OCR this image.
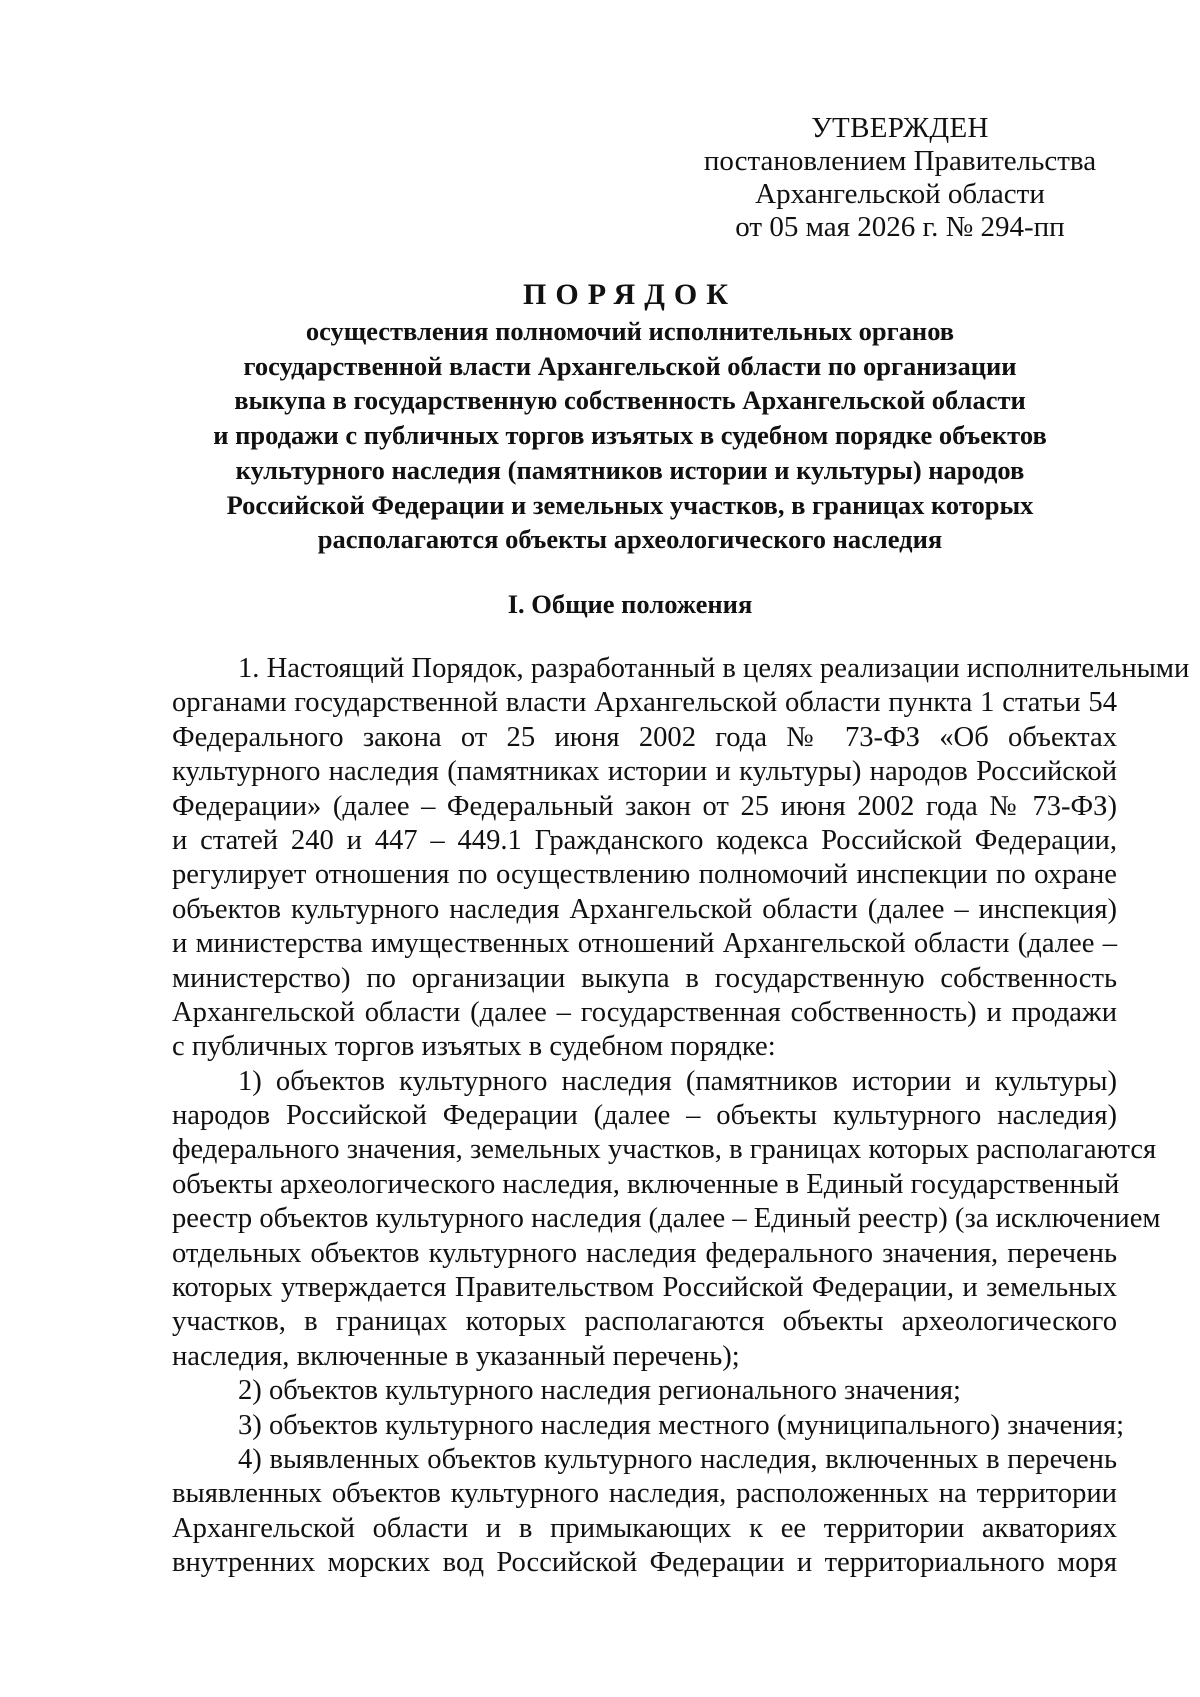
УТВЕРЖДЕН
постановлением Правительства
Архангельской области
от 05 мая 2026 г. № 294-пп
ПОРЯДОК
осуществления полномочий исполнительных органов
государственной власти Архангельской области по организации
выкупа в государственную собственность Архангельской области
и продажи с публичных торгов изъятых в судебном порядке объектов
культурного наследия (памятников истории и культуры) народов
Российской Федерации и земельных участков, в границах которых
располагаются объекты археологического наследия
I. Общие положения
1. Настоящий Порядок, разработанный в целях реализации исполнительными
органами государственной власти Архангельской области пункта 1 статьи 54
Федерального закона от 25 июня 2002 года № 73-ФЗ «Об объектах
культурного наследия (памятниках истории и культуры) народов Российской
Федерации» (далее – Федеральный закон от 25 июня 2002 года № 73-ФЗ)
и статей 240 и 447 – 449.1 Гражданского кодекса Российской Федерации,
регулирует отношения по осуществлению полномочий инспекции по охране
объектов культурного наследия Архангельской области (далее – инспекция)
и министерства имущественных отношений Архангельской области (далее –
министерство) по организации выкупа в государственную собственность
Архангельской области (далее – государственная собственность) и продажи
с публичных торгов изъятых в судебном порядке:
1) объектов культурного наследия (памятников истории и культуры)
народов Российской Федерации (далее – объекты культурного наследия)
федерального значения, земельных участков, в границах которых располагаются
объекты археологического наследия, включенные в Единый государственный
реестр объектов культурного наследия (далее – Единый реестр) (за исключением
отдельных объектов культурного наследия федерального значения, перечень
которых утверждается Правительством Российской Федерации, и земельных
участков, в границах которых располагаются объекты археологического
наследия, включенные в указанный перечень);
2) объектов культурного наследия регионального значения;
3) объектов культурного наследия местного (муниципального) значения;
4) выявленных объектов культурного наследия, включенных в перечень
выявленных объектов культурного наследия, расположенных на территории
Архангельской области и в примыкающих к ее территории акваториях
внутренних морских вод Российской Федерации и территориального моря
